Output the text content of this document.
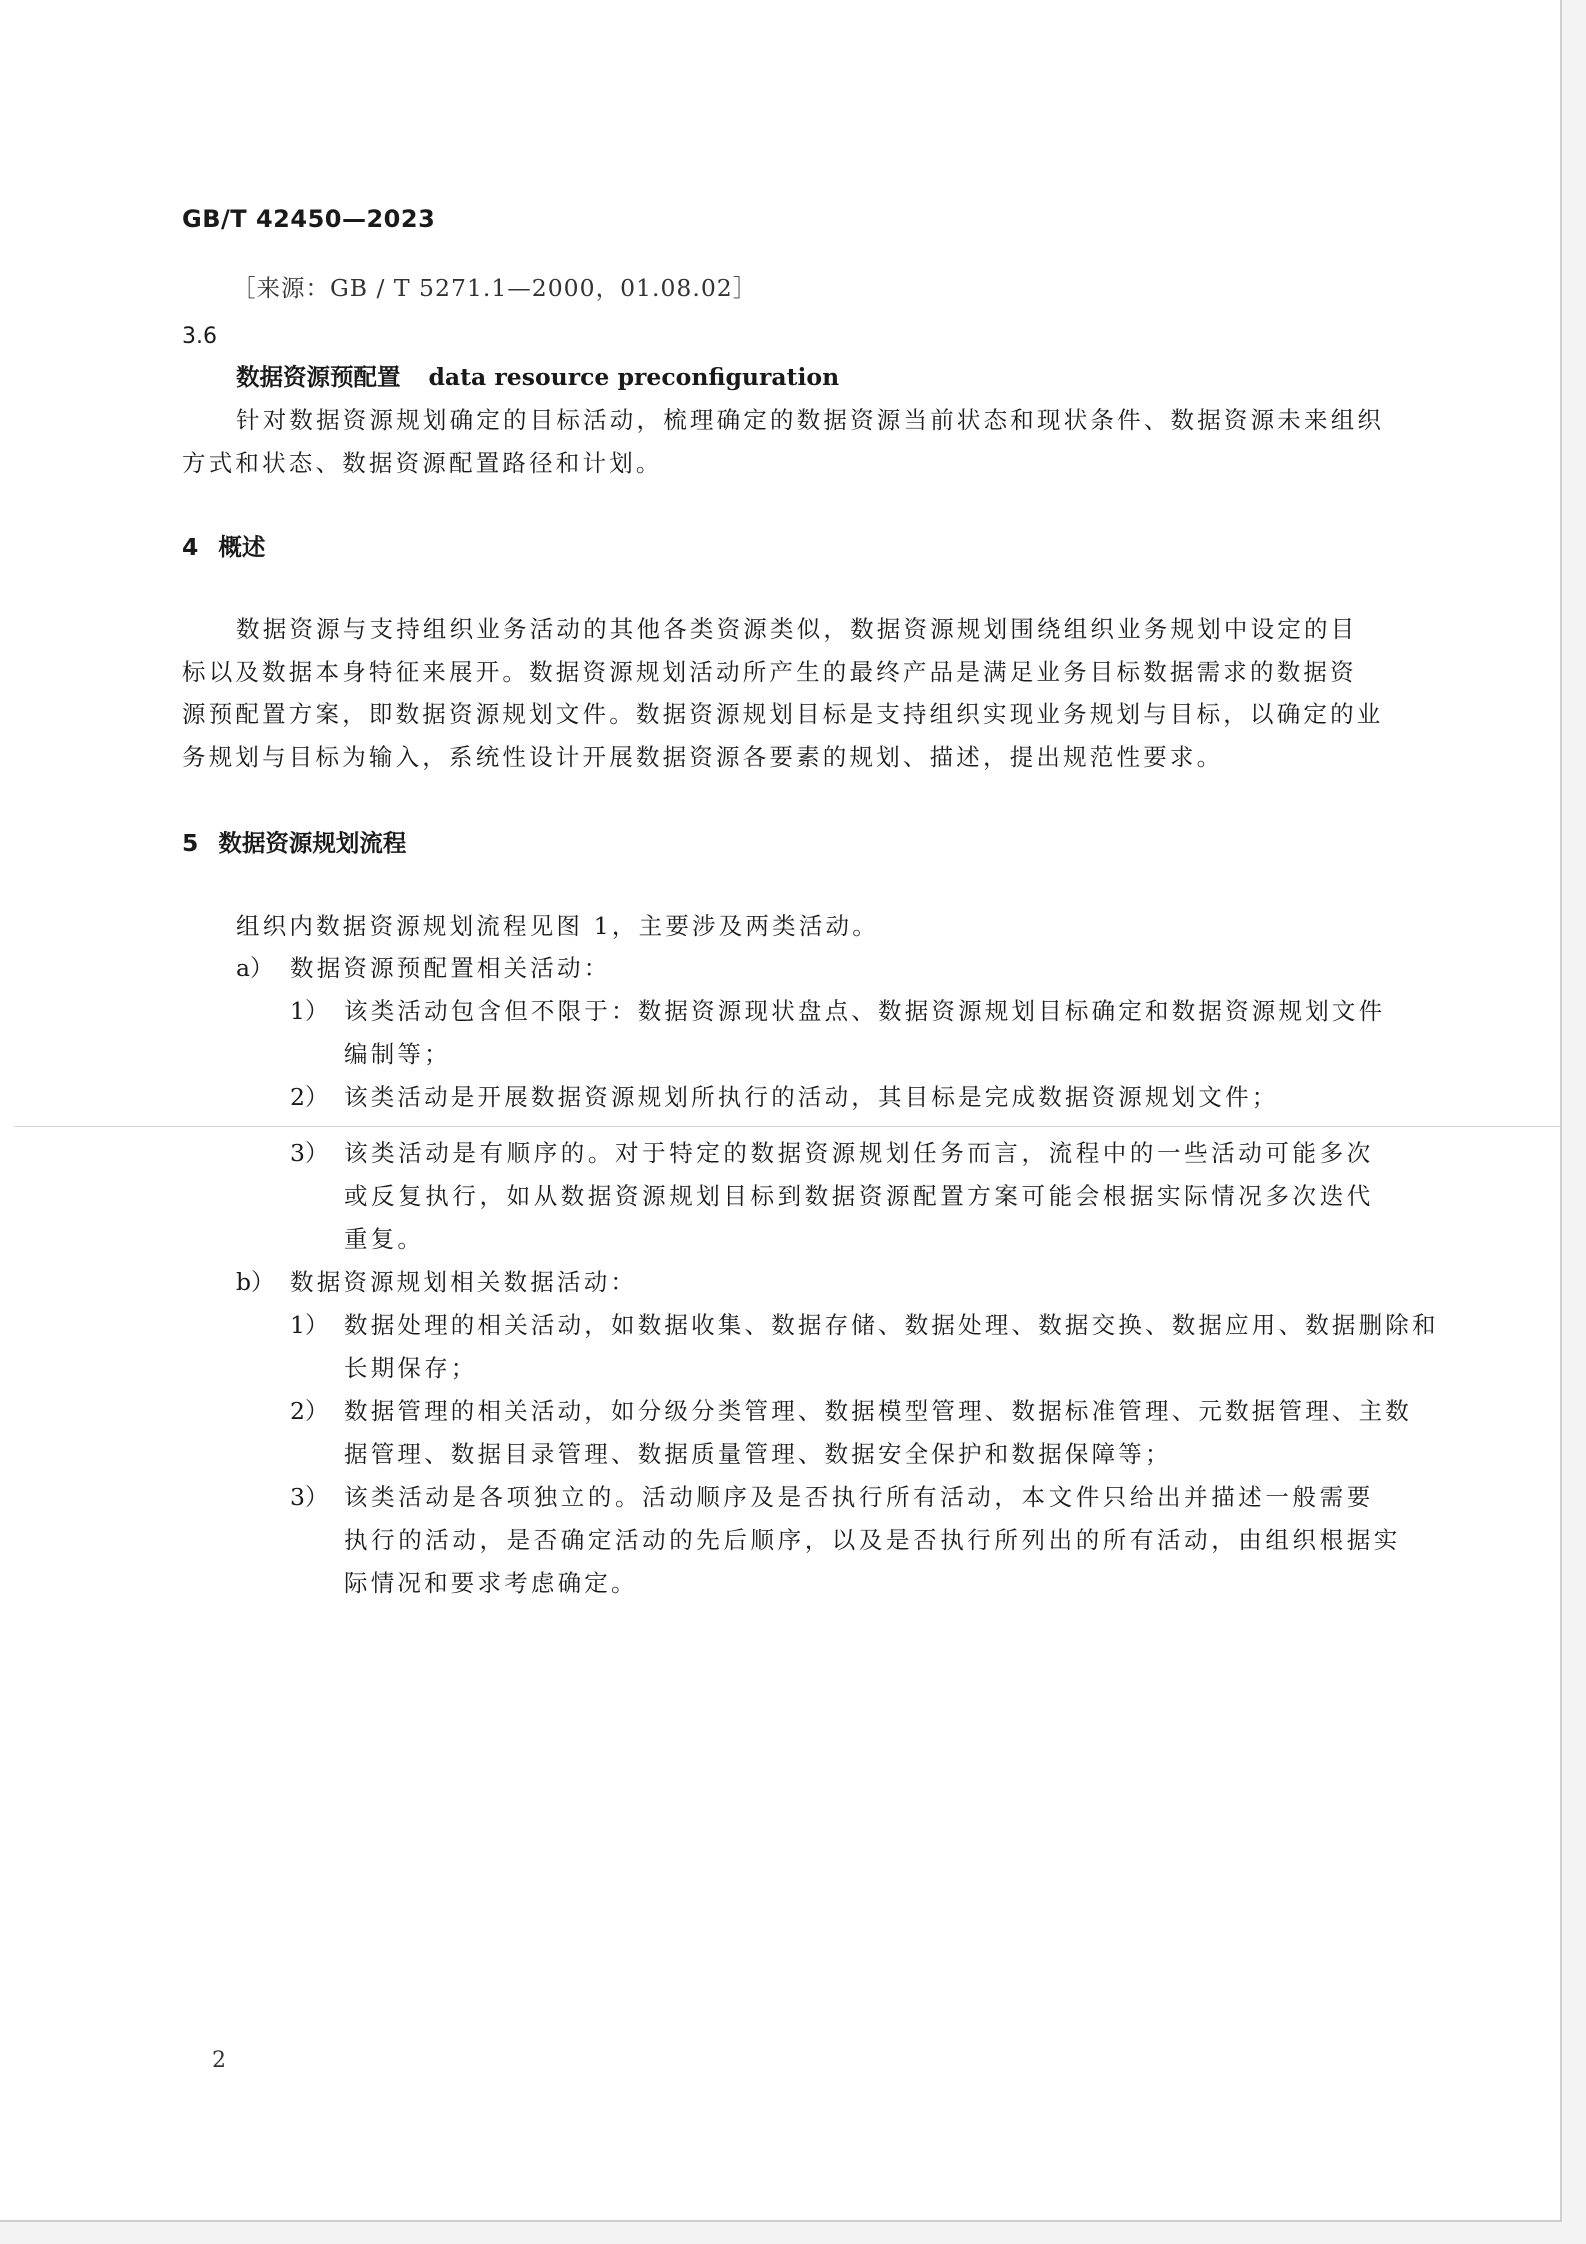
GB/T 42450—2023
［来源：GB / T 5271.1—2000，01.08.02］
3.6
数据资源预配置 data resource preconfiguration
针对数据资源规划确定的目标活动，梳理确定的数据资源当前状态和现状条件、数据资源未来组织
方式和状态、数据资源配置路径和计划。
4 概述
数据资源与支持组织业务活动的其他各类资源类似，数据资源规划围绕组织业务规划中设定的目
标以及数据本身特征来展开。数据资源规划活动所产生的最终产品是满足业务目标数据需求的数据资
源预配置方案，即数据资源规划文件。数据资源规划目标是支持组织实现业务规划与目标，以确定的业
务规划与目标为输入，系统性设计开展数据资源各要素的规划、描述，提出规范性要求。
5 数据资源规划流程
组织内数据资源规划流程见图 1，主要涉及两类活动。
a） 数据资源预配置相关活动：
1） 该类活动包含但不限于：数据资源现状盘点、数据资源规划目标确定和数据资源规划文件
编制等；
2） 该类活动是开展数据资源规划所执行的活动，其目标是完成数据资源规划文件；
3） 该类活动是有顺序的。对于特定的数据资源规划任务而言，流程中的一些活动可能多次
或反复执行，如从数据资源规划目标到数据资源配置方案可能会根据实际情况多次迭代
重复。
b） 数据资源规划相关数据活动：
1） 数据处理的相关活动，如数据收集、数据存储、数据处理、数据交换、数据应用、数据删除和
长期保存；
2） 数据管理的相关活动，如分级分类管理、数据模型管理、数据标准管理、元数据管理、主数
据管理、数据目录管理、数据质量管理、数据安全保护和数据保障等；
3） 该类活动是各项独立的。活动顺序及是否执行所有活动，本文件只给出并描述一般需要
执行的活动，是否确定活动的先后顺序，以及是否执行所列出的所有活动，由组织根据实
际情况和要求考虑确定。
2
